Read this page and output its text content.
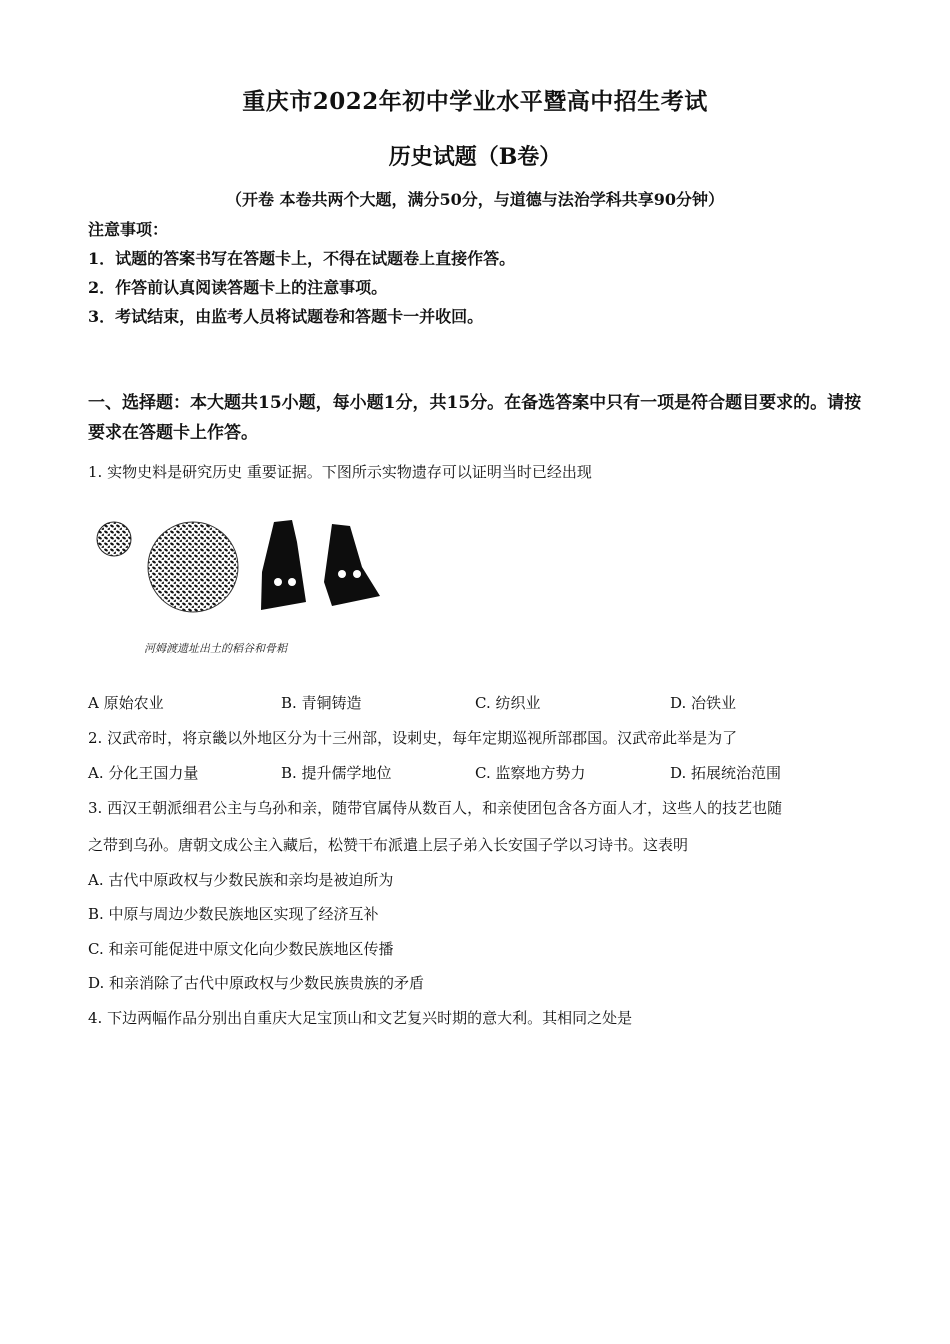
重庆市2022年初中学业水平暨高中招生考试
历史试题（B卷）
（开卷 本卷共两个大题，满分50分，与道德与法治学科共享90分钟）
注意事项：
1．试题的答案书写在答题卡上，不得在试题卷上直接作答。
2．作答前认真阅读答题卡上的注意事项。
3．考试结束，由监考人员将试题卷和答题卡一并收回。
一、选择题：本大题共15小题，每小题1分，共15分。在备选答案中只有一项是符合题目要求的。请按要求在答题卡上作答。
1. 实物史料是研究历史 重要证据。下图所示实物遗存可以证明当时已经出现
河姆渡遗址出土的稻谷和骨耜
A 原始农业	B. 青铜铸造	C. 纺织业	D. 冶铁业
2. 汉武帝时，将京畿以外地区分为十三州部，设刺史，每年定期巡视所部郡国。汉武帝此举是为了
A. 分化王国力量	B. 提升儒学地位	C. 监察地方势力	D. 拓展统治范围
3. 西汉王朝派细君公主与乌孙和亲，随带官属侍从数百人，和亲使团包含各方面人才，这些人的技艺也随
之带到乌孙。唐朝文成公主入藏后，松赞干布派遣上层子弟入长安国子学以习诗书。这表明
A. 古代中原政权与少数民族和亲均是被迫所为
B. 中原与周边少数民族地区实现了经济互补
C. 和亲可能促进中原文化向少数民族地区传播
D. 和亲消除了古代中原政权与少数民族贵族的矛盾
4. 下边两幅作品分别出自重庆大足宝顶山和文艺复兴时期的意大利。其相同之处是
